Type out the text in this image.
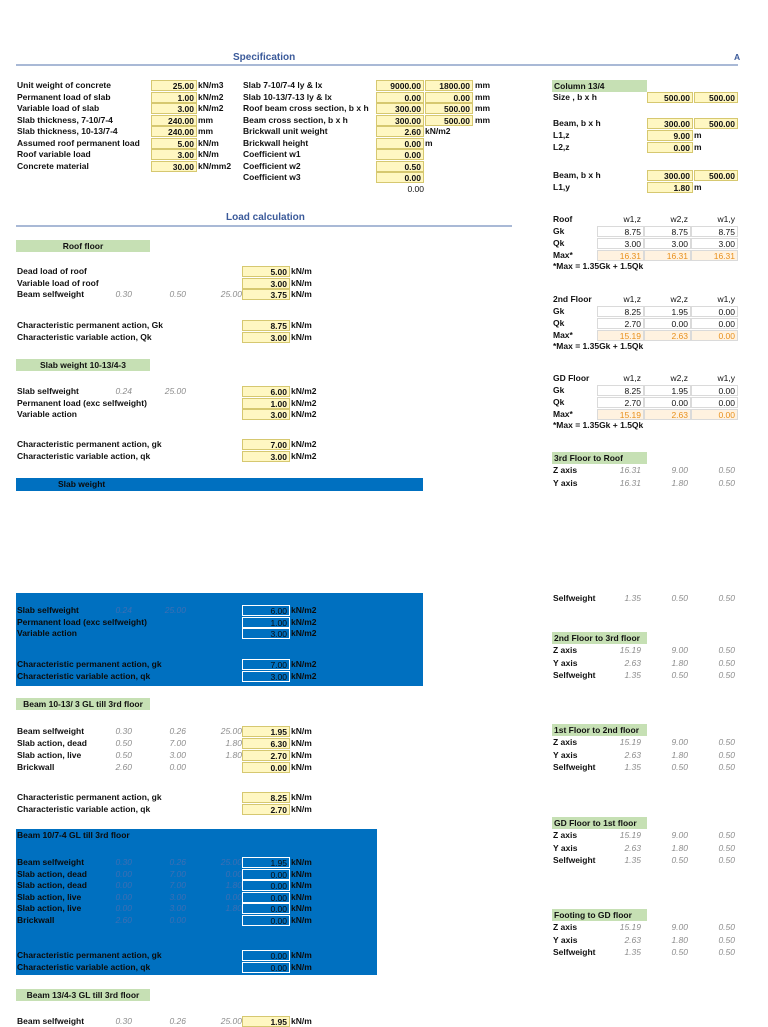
Specification	A
Load calculation
Slab weight
Unit weight of concrete	25.00 kN/m3
Permanent load of slab	1.00 kN/m2
Variable load of slab	3.00 kN/m2
Slab thickness, 7-10/7-4	240.00 mm
Slab thickness, 10-13/7-4	240.00 mm
Assumed roof permanent load	5.00 kN/m
Roof variable load	3.00 kN/m
Concrete material	30.00 kN/mm2
Slab 7-10/7-4 ly & lx	9000.00	1800.00 mm
Slab 10-13/7-13 ly & lx	0.00	0.00 mm
Roof beam cross section, b x h	300.00	500.00 mm
Beam cross section, b x h	300.00	500.00 mm
Brickwall unit weight	2.60 kN/m2
Brickwall height	0.00 m
Coefficient w1	0.00
Coefficient w2	0.50
Coefficient w3	0.00
0.00
Column 13/4
Size , b x h	500.00	500.00
Beam, b x h	300.00	500.00
L1,z	9.00 m
L2,z	0.00 m
Beam, b x h	300.00	500.00
L1,y	1.80 m
Roof	w1,z	w2,z	w1,y
Gk	8.75	8.75	8.75
Qk	3.00	3.00	3.00
Max*	16.31	16.31	16.31
*Max = 1.35Gk + 1.5Qk
2nd Floor	w1,z	w2,z	w1,y
Gk	8.25	1.95	0.00
Qk	2.70	0.00	0.00
Max*	15.19	2.63	0.00
*Max = 1.35Gk + 1.5Qk
GD Floor	w1,z	w2,z	w1,y
Gk	8.25	1.95	0.00
Qk	2.70	0.00	0.00
Max*	15.19	2.63	0.00
*Max = 1.35Gk + 1.5Qk
3rd Floor to Roof
Z axis	16.31	9.00	0.50
Y axis	16.31	1.80	0.50
Selfweight	1.35	0.50	0.50
2nd Floor to 3rd floor
Z axis	15.19	9.00	0.50
Y axis	2.63	1.80	0.50
Selfweight	1.35	0.50	0.50
1st Floor to 2nd floor
Z axis	15.19	9.00	0.50
Y axis	2.63	1.80	0.50
Selfweight	1.35	0.50	0.50
GD Floor to 1st floor
Z axis	15.19	9.00	0.50
Y axis	2.63	1.80	0.50
Selfweight	1.35	0.50	0.50
Footing to GD floor
Z axis	15.19	9.00	0.50
Y axis	2.63	1.80	0.50
Selfweight	1.35	0.50	0.50
Roof floor
Dead load of roof	5.00 kN/m
Variable load of roof	3.00 kN/m
Beam selfweight	0.30	0.50	25.00	3.75 kN/m
Characteristic permanent action, Gk	8.75 kN/m
Characteristic variable action, Qk	3.00 kN/m
Slab weight 10-13/4-3
Slab selfweight	0.24	25.00	6.00 kN/m2
Permanent load (exc selfweight)	1.00 kN/m2
Variable action	3.00 kN/m2
Characteristic permanent action, gk	7.00 kN/m2
Characteristic variable action, qk	3.00 kN/m2
Slab selfweight	0.24	25.00	6.00 kN/m2
Permanent load (exc selfweight)	1.00 kN/m2
Variable action	3.00 kN/m2
Characteristic permanent action, gk	7.00 kN/m2
Characteristic variable action, qk	3.00 kN/m2
Beam 10-13/ 3 GL till 3rd floor
Beam selfweight	0.30	0.26	25.00	1.95 kN/m
Slab action, dead	0.50	7.00	1.80	6.30 kN/m
Slab action, live	0.50	3.00	1.80	2.70 kN/m
Brickwall	2.60	0.00	0.00 kN/m
Characteristic permanent action, gk	8.25 kN/m
Characteristic variable action, qk	2.70 kN/m
Beam 10/7-4 GL till 3rd floor
Beam selfweight	0.30	0.26	25.00	1.95 kN/m
Slab action, dead	0.00	7.00	0.00	0.00 kN/m
Slab action, dead	0.00	7.00	1.80	0.00 kN/m
Slab action, live	0.00	3.00	0.00	0.00 kN/m
Slab action, live	0.00	3.00	1.80	0.00 kN/m
Brickwall	2.60	0.00	0.00 kN/m
Characteristic permanent action, gk	0.00 kN/m
Characteristic variable action, qk	0.00 kN/m
Beam 13/4-3 GL till 3rd floor
Beam selfweight	0.30	0.26	25.00	1.95 kN/m
